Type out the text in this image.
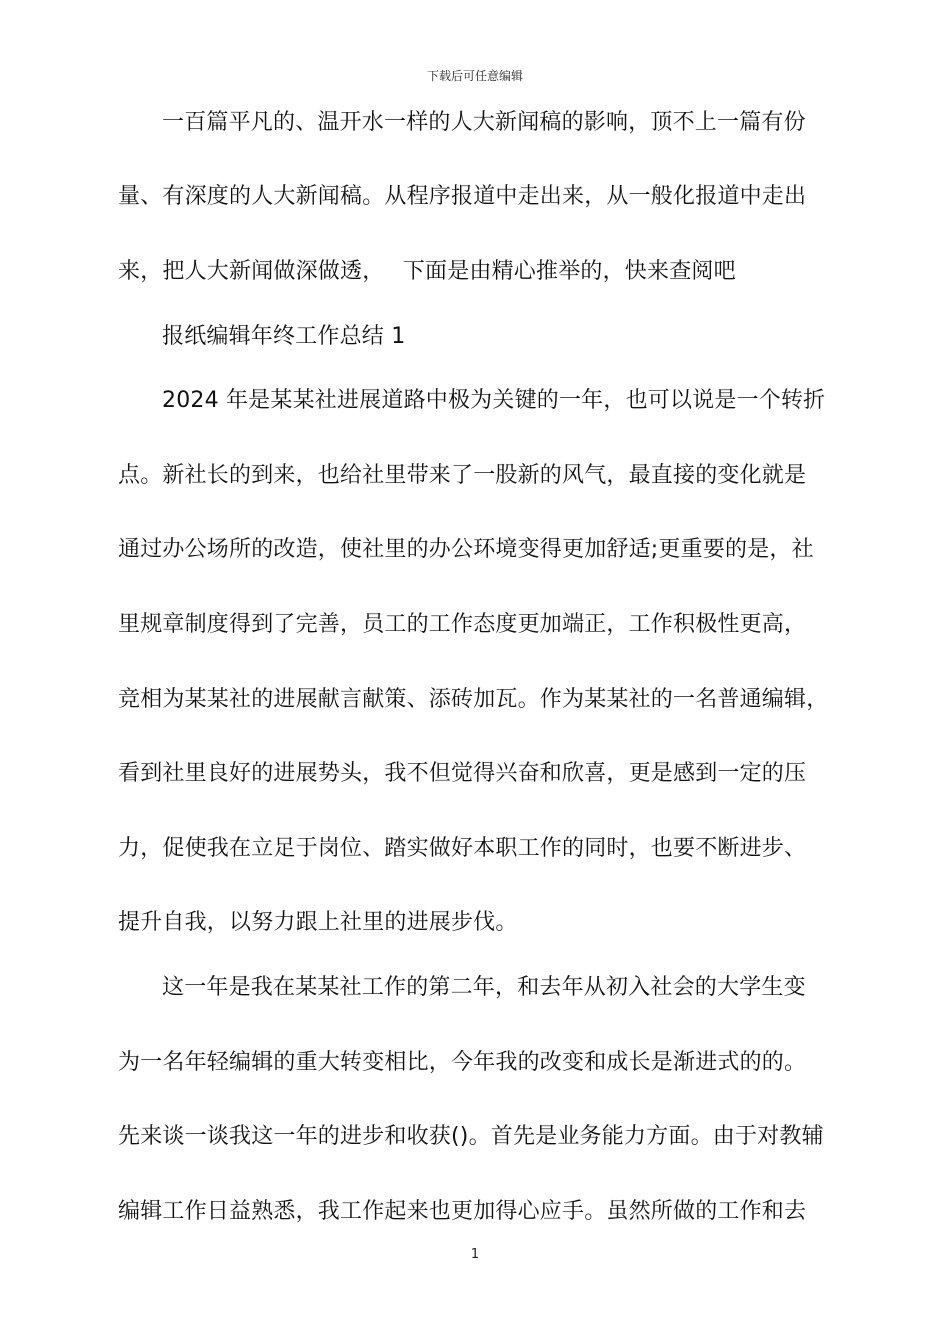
下载后可任意编辑
一百篇平凡的、温开水一样的人大新闻稿的影响，顶不上一篇有份
量、有深度的人大新闻稿。从程序报道中走出来，从一般化报道中走出
来，把人大新闻做深做透，　 下面是由精心推举的，快来查阅吧
报纸编辑年终工作总结 1
2024 年是某某社进展道路中极为关键的一年，也可以说是一个转折
点。新社长的到来，也给社里带来了一股新的风气，最直接的变化就是
通过办公场所的改造，使社里的办公环境变得更加舒适;更重要的是，社
里规章制度得到了完善，员工的工作态度更加端正，工作积极性更高，
竞相为某某社的进展献言献策、添砖加瓦。作为某某社的一名普通编辑，
看到社里良好的进展势头，我不但觉得兴奋和欣喜，更是感到一定的压
力，促使我在立足于岗位、踏实做好本职工作的同时，也要不断进步、
提升自我，以努力跟上社里的进展步伐。
这一年是我在某某社工作的第二年，和去年从初入社会的大学生变
为一名年轻编辑的重大转变相比，今年我的改变和成长是渐进式的的。
先来谈一谈我这一年的进步和收获()。首先是业务能力方面。由于对教辅
编辑工作日益熟悉，我工作起来也更加得心应手。虽然所做的工作和去
1
